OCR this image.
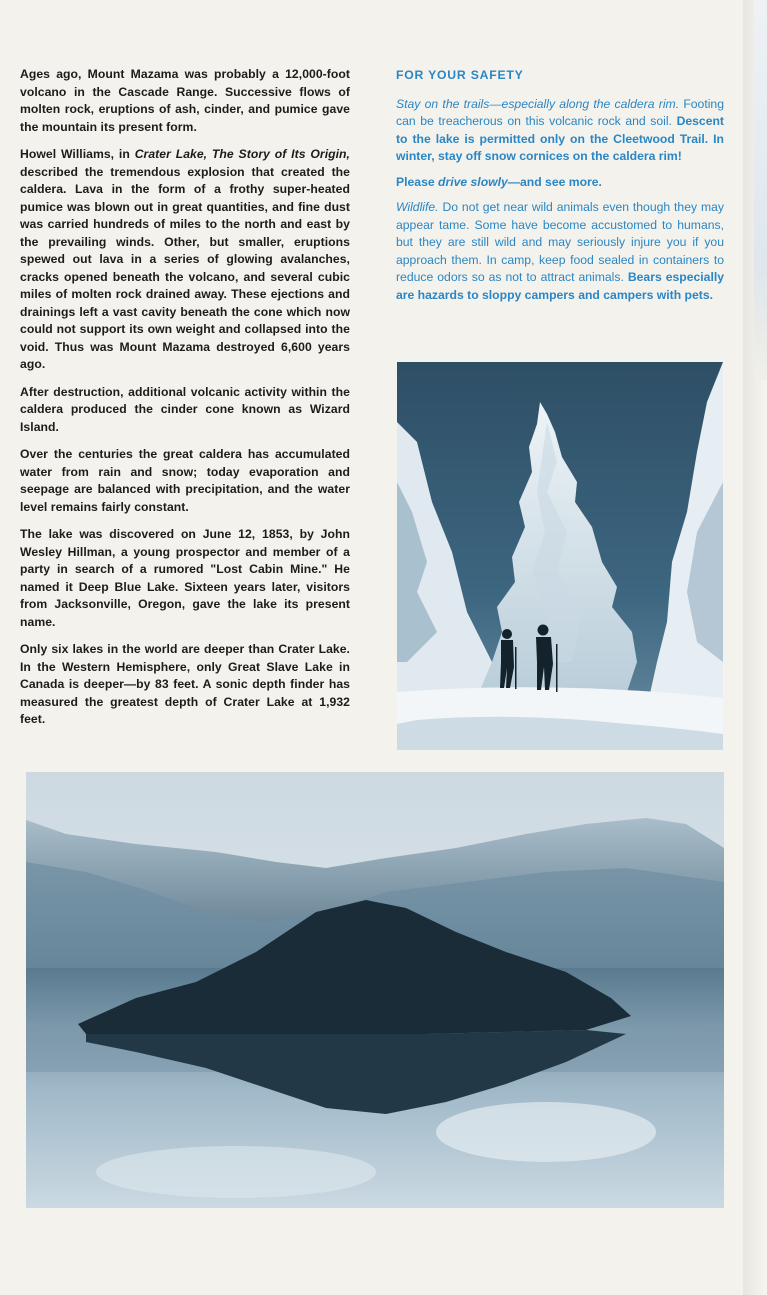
Ages ago, Mount Mazama was probably a 12,000-foot volcano in the Cascade Range. Successive flows of molten rock, eruptions of ash, cinder, and pumice gave the mountain its present form.

Howel Williams, in Crater Lake, The Story of Its Origin, described the tremendous explosion that created the caldera. Lava in the form of a frothy super-heated pumice was blown out in great quantities, and fine dust was carried hundreds of miles to the north and east by the prevailing winds. Other, but smaller, eruptions spewed out lava in a series of glowing avalanches, cracks opened beneath the volcano, and several cubic miles of molten rock drained away. These ejections and drainings left a vast cavity beneath the cone which now could not support its own weight and collapsed into the void. Thus was Mount Mazama destroyed 6,600 years ago.

After destruction, additional volcanic activity within the caldera produced the cinder cone known as Wizard Island.

Over the centuries the great caldera has accumulated water from rain and snow; today evaporation and seepage are balanced with precipitation, and the water level remains fairly constant.

The lake was discovered on June 12, 1853, by John Wesley Hillman, a young prospector and member of a party in search of a rumored "Lost Cabin Mine." He named it Deep Blue Lake. Sixteen years later, visitors from Jacksonville, Oregon, gave the lake its present name.

Only six lakes in the world are deeper than Crater Lake. In the Western Hemisphere, only Great Slave Lake in Canada is deeper—by 83 feet. A sonic depth finder has measured the greatest depth of Crater Lake at 1,932 feet.

FOR YOUR SAFETY

Stay on the trails—especially along the caldera rim. Footing can be treacherous on this volcanic rock and soil. Descent to the lake is permitted only on the Cleetwood Trail. In winter, stay off snow cornices on the caldera rim!

Please drive slowly—and see more.

Wildlife. Do not get near wild animals even though they may appear tame. Some have become accustomed to humans, but they are still wild and may seriously injure you if you approach them. In camp, keep food sealed in containers to reduce odors so as not to attract animals. Bears especially are hazards to sloppy campers and campers with pets.
